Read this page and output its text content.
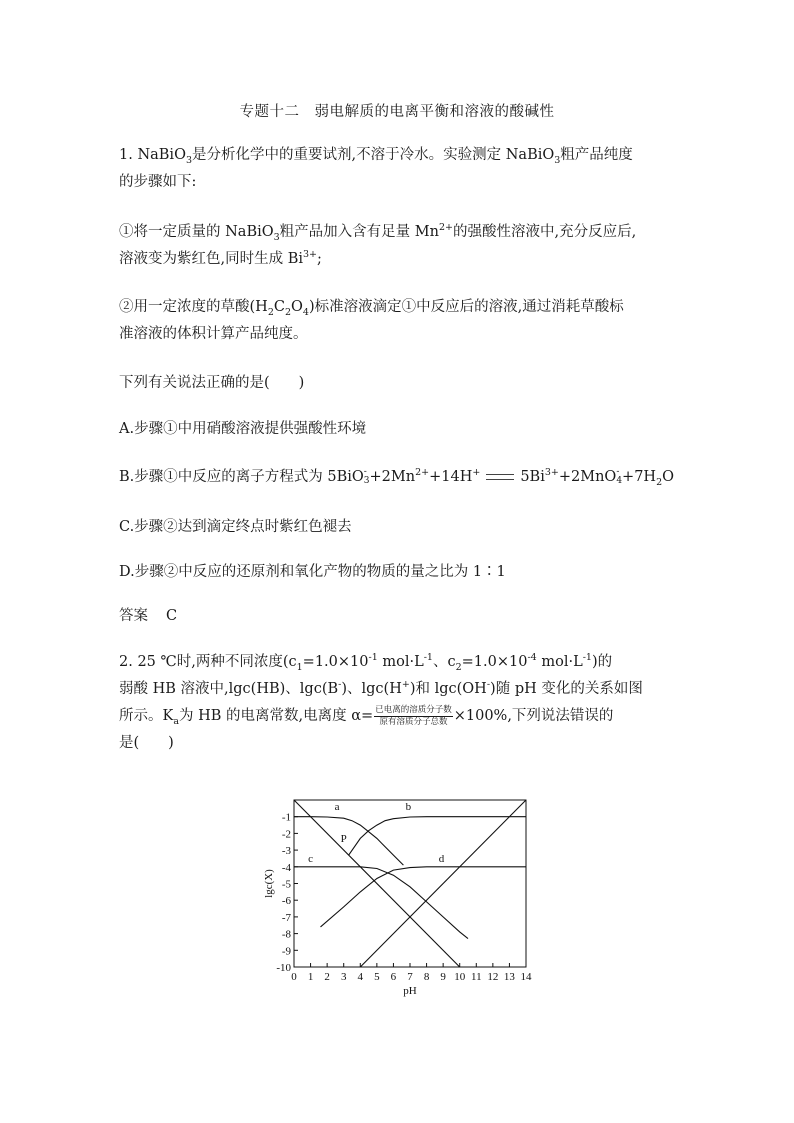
专题十二　弱电解质的电离平衡和溶液的酸碱性
1. NaBiO$_3$是分析化学中的重要试剂,不溶于冷水。实验测定 NaBiO$_3$粗产品纯度
的步骤如下:
①将一定质量的 NaBiO$_3$粗产品加入含有足量 $Mn^{2+}$的强酸性溶液中,充分反应后,
溶液变为紫红色,同时生成 $Bi^{3+}$;
②用一定浓度的草酸$(H_2C_2O_4)$标准溶液滴定①中反应后的溶液,通过消耗草酸标
准溶液的体积计算产品纯度。
下列有关说法正确的是(　　)
A.步骤①中用硝酸溶液提供强酸性环境
B.步骤①中反应的离子方程式为 5BiO -
$3 +2Mn^{2+}+14H^+$	$5Bi^{3+}+2MnO$ -
$4 +7H_2O$
C.步骤②达到滴定终点时紫红色褪去
D.步骤②中反应的还原剂和氧化产物的物质的量之比为 1∶1
答案 C
2. 25 ℃时,两种不同浓度($c_1=1.0\times 10^{-1}$ $mol\cdot L^{-1}$、$c_2=1.0\times 10^{-4}$ $mol\cdot L^{-1}$)的
弱酸 HB 溶液中,lgc(HB)、lgc(B-)、lgc(H+)和 lgc(OH-)随 pH 变化的关系如图
所示。$K_a$为 HB 的电离常数,电离度 $\alpha= \frac{\text{已电离的溶质分子数}}{\text{原有溶质分子总数}} \times 100\%$,下列说法错误的
是(　　)
0 1 2 3 4 5 6 7 8 9 10 11 12 13 14
-1
-2
-3
-4
-5
-6
-7
-8
-9
-10
pH
lgc(X)
a	b
c	d
P
